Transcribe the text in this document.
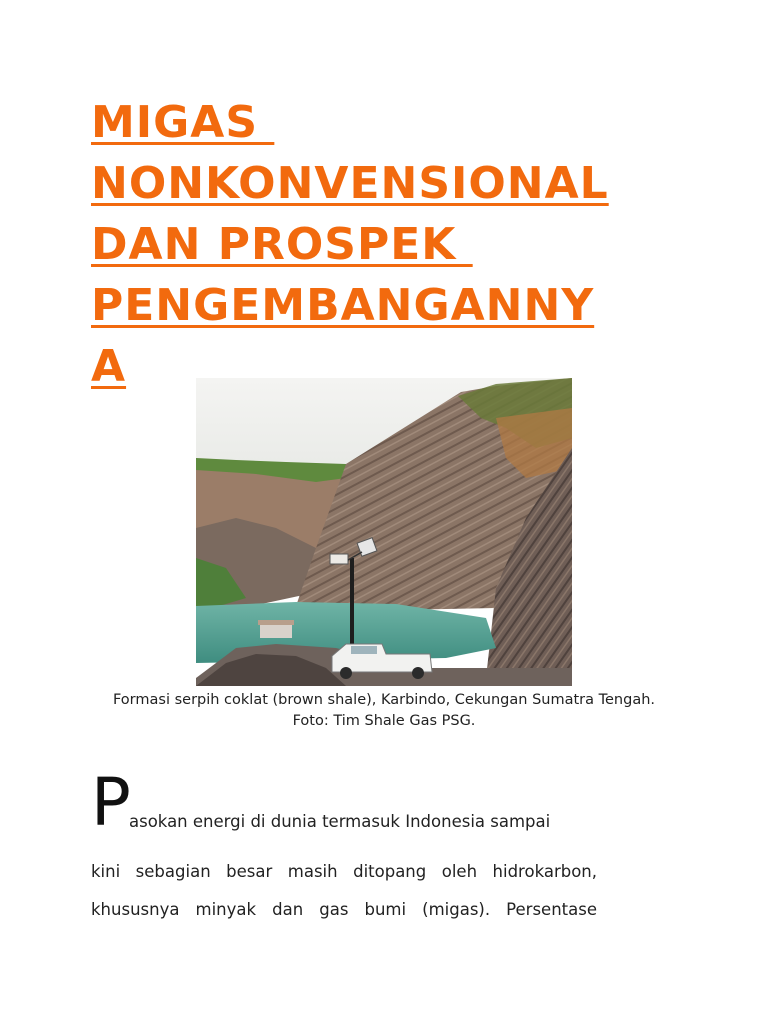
MIGAS
NONKONVENSIONAL
DAN PROSPEK
PENGEMBANGANNY
A
Formasi serpih coklat (brown shale), Karbindo, Cekungan Sumatra Tengah.
Foto: Tim Shale Gas PSG.
P
asokan energi di dunia termasuk Indonesia sampai
kini sebagian besar masih ditopang oleh hidrokarbon,
khususnya minyak dan gas bumi (migas). Persentase
